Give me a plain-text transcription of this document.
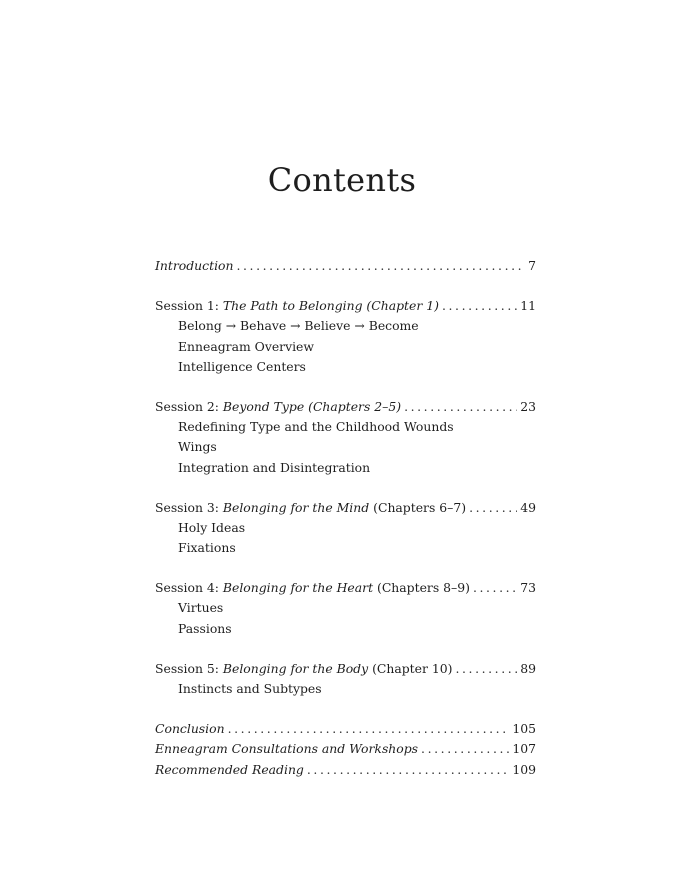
Contents
Introduction .....	7
Session 1: The Path to Belonging (Chapter 1) .....	11
Belong → Behave → Believe → Become
Enneagram Overview
Intelligence Centers
Session 2: Beyond Type (Chapters 2–5) .....	23
Redefining Type and the Childhood Wounds
Wings
Integration and Disintegration
Session 3: Belonging for the Mind (Chapters 6–7) .....	49
Holy Ideas
Fixations
Session 4: Belonging for the Heart (Chapters 8–9) .....	73
Virtues
Passions
Session 5: Belonging for the Body (Chapter 10) .....	89
Instincts and Subtypes
Conclusion .....	105
Enneagram Consultations and Workshops .....	107
Recommended Reading .....	109
